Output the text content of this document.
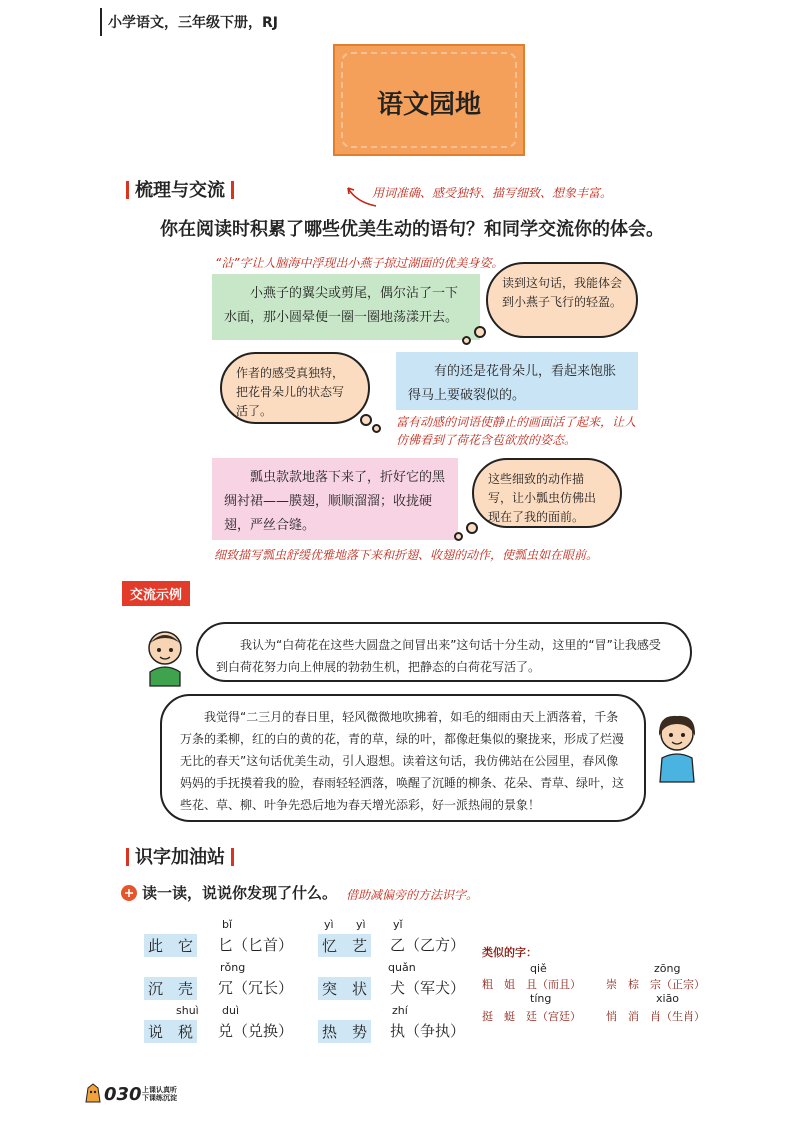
小学语文，三年级下册，RJ
语文园地
梳理与交流	用词准确、感受独特、描写细致、想象丰富。
你在阅读时积累了哪些优美生动的语句？和同学交流你的体会。
“沾”字让人脑海中浮现出小燕子掠过湖面的优美身姿。
小燕子的翼尖或剪尾，偶尔沾了一下水面，那小圆晕便一圈一圈地荡漾开去。
读到这句话，我能体会到小燕子飞行的轻盈。
作者的感受真独特，把花骨朵儿的状态写活了。
有的还是花骨朵儿，看起来饱胀得马上要破裂似的。
富有动感的词语使静止的画面活了起来，让人仿佛看到了荷花含苞欲放的姿态。
瓢虫款款地落下来了，折好它的黑绸衬裙——膜翅，顺顺溜溜；收拢硬翅，严丝合缝。
这些细致的动作描写，让小瓢虫仿佛出现在了我的面前。
细致描写瓢虫舒缓优雅地落下来和折翅、收翅的动作，使瓢虫如在眼前。
交流示例
我认为“白荷花在这些大圆盘之间冒出来”这句话十分生动，这里的“冒”让我感受到白荷花努力向上伸展的勃勃生机，把静态的白荷花写活了。
我觉得“二三月的春日里，轻风微微地吹拂着，如毛的细雨由天上洒落着，千条万条的柔柳，红的白的黄的花，青的草，绿的叶，都像赶集似的聚拢来，形成了烂漫无比的春天”这句话优美生动，引人遐想。读着这句话，我仿佛站在公园里，春风像妈妈的手抚摸着我的脸，春雨轻轻洒落，唤醒了沉睡的柳条、花朵、青草、绿叶，这些花、草、柳、叶争先恐后地为春天增光添彩，好一派热闹的景象！
识字加油站
读一读，说说你发现了什么。 借助减偏旁的方法识字。
bǐ	yì yì yǐ
此　它 匕（匕首） 忆　艺 乙（乙方）
rǒng	quǎn
沉　壳 冗（冗长） 突　状 犬（军犬）
shuì duì	zhí
说　税 兑（兑换） 热　势 执（争执）
类似的字：
qiě	zōng
粗　姐　且（而且） 崇　棕　宗（正宗）
tíng	xiāo
挺　蜓　廷（宫廷） 悄　消　肖（生肖）
030 上课认真听
下课练沉淀
